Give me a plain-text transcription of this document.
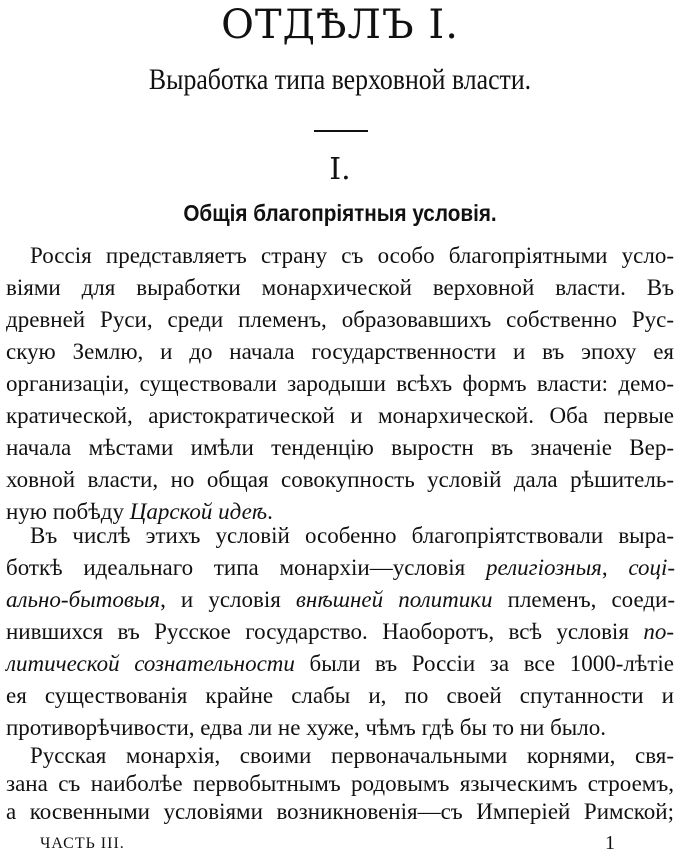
ОТДѢЛЪ I.
Выработка типа верховной власти.
I.
Общія благопріятныя условія.
Россія представляетъ страну съ особо благопріятными усло-
віями для выработки монархической верховной власти. Въ
древней Руси, среди племенъ, образовавшихъ собственно Рус-
скую Землю, и до начала государственности и въ эпоху ея
организаціи, существовали зародыши всѣхъ формъ власти: демо-
кратической, аристократической и монархической. Оба первые
начала мѣстами имѣли тенденцію выростн въ значеніе Вер-
ховной власти, но общая совокупность условій дала рѣшитель-
ную побѣду Царской идеѣ.
Въ числѣ этихъ условій особенно благопріятствовали выра-
боткѣ идеальнаго типа монархіи—условія религіозныя, соці-
ально-бытовыя, и условія внѣшней политики племенъ, соеди-
нившихся въ Русское государство. Наоборотъ, всѣ условія по-
литической сознательности были въ Россіи за все 1000-лѣтіе
ея существованія крайне слабы и, по своей спутанности и
противорѣчивости, едва ли не хуже, чѣмъ гдѣ бы то ни было.
Русская монархія, своими первоначальными корнями, свя-
зана съ наиболѣе первобытнымъ родовымъ языческимъ строемъ,
а косвенными условіями возникновенія—съ Имперіей Римской;
ЧАСТЬ III.	1
